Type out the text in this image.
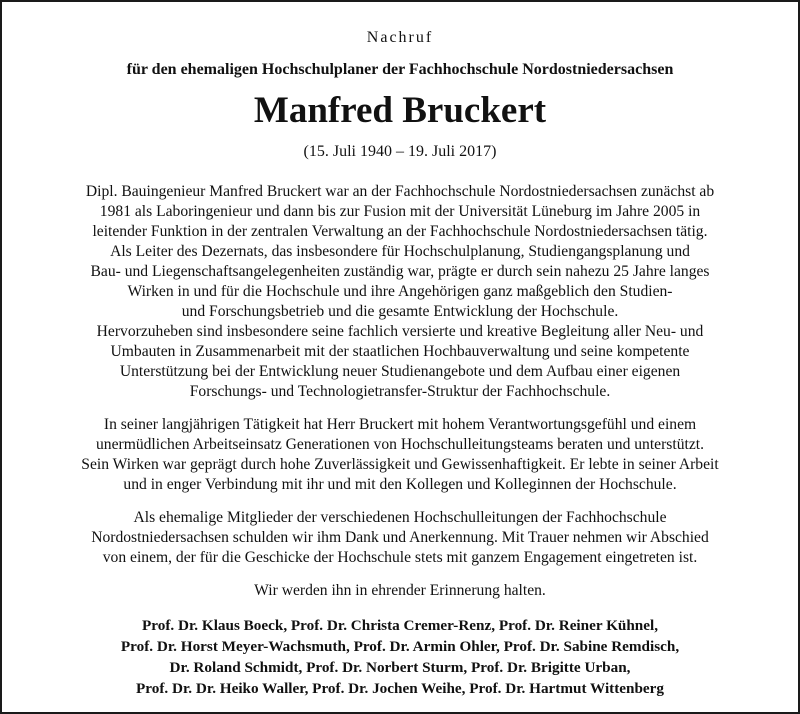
Nachruf

für den ehemaligen Hochschulplaner der Fachhochschule Nordostniedersachsen

Manfred Bruckert

(15. Juli 1940 – 19. Juli 2017)

Dipl. Bauingenieur Manfred Bruckert war an der Fachhochschule Nordostniedersachsen zunächst ab
1981 als Laboringenieur und dann bis zur Fusion mit der Universität Lüneburg im Jahre 2005 in
leitender Funktion in der zentralen Verwaltung an der Fachhochschule Nordostniedersachsen tätig.
Als Leiter des Dezernats, das insbesondere für Hochschulplanung, Studiengangsplanung und
Bau- und Liegenschaftsangelegenheiten zuständig war, prägte er durch sein nahezu 25 Jahre langes
Wirken in und für die Hochschule und ihre Angehörigen ganz maßgeblich den Studien-
und Forschungsbetrieb und die gesamte Entwicklung der Hochschule.
Hervorzuheben sind insbesondere seine fachlich versierte und kreative Begleitung aller Neu- und
Umbauten in Zusammenarbeit mit der staatlichen Hochbauverwaltung und seine kompetente
Unterstützung bei der Entwicklung neuer Studienangebote und dem Aufbau einer eigenen
Forschungs- und Technologietransfer-Struktur der Fachhochschule.
In seiner langjährigen Tätigkeit hat Herr Bruckert mit hohem Verantwortungsgefühl und einem
unermüdlichen Arbeitseinsatz Generationen von Hochschulleitungsteams beraten und unterstützt.
Sein Wirken war geprägt durch hohe Zuverlässigkeit und Gewissenhaftigkeit. Er lebte in seiner Arbeit
und in enger Verbindung mit ihr und mit den Kollegen und Kolleginnen der Hochschule.
Als ehemalige Mitglieder der verschiedenen Hochschulleitungen der Fachhochschule
Nordostniedersachsen schulden wir ihm Dank und Anerkennung. Mit Trauer nehmen wir Abschied
von einem, der für die Geschicke der Hochschule stets mit ganzem Engagement eingetreten ist.

Wir werden ihn in ehrender Erinnerung halten.

Prof. Dr. Klaus Boeck, Prof. Dr. Christa Cremer-Renz, Prof. Dr. Reiner Kühnel,
Prof. Dr. Horst Meyer-Wachsmuth, Prof. Dr. Armin Ohler, Prof. Dr. Sabine Remdisch,
Dr. Roland Schmidt, Prof. Dr. Norbert Sturm, Prof. Dr. Brigitte Urban,
Prof. Dr. Dr. Heiko Waller, Prof. Dr. Jochen Weihe, Prof. Dr. Hartmut Wittenberg
